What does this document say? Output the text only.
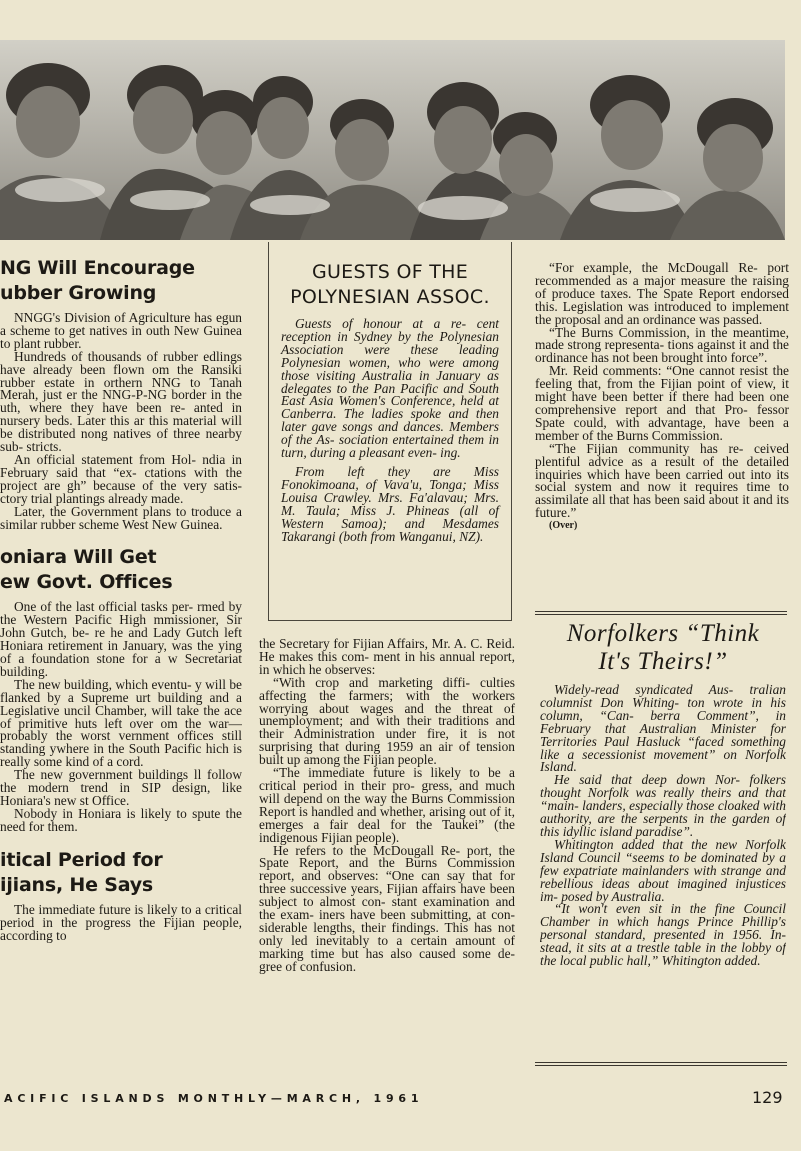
NG Will Encourage
ubber Growing

NNGG's Division of Agriculture has egun a scheme to get natives in outh New Guinea to plant rubber.

Hundreds of thousands of rubber edlings have already been flown om the Ransiki rubber estate in orthern NNG to Tanah Merah, just er the NNG-P-NG border in the uth, where they have been re- anted in nursery beds. Later this ar this material will be distributed nong natives of three nearby sub- stricts.

An official statement from Hol- ndia in February said that “ex- ctations with the project are gh” because of the very satis- ctory trial plantings already made.

Later, the Government plans to troduce a similar rubber scheme West New Guinea.

oniara Will Get
ew Govt. Offices

One of the last official tasks per- rmed by the Western Pacific High mmissioner, Sir John Gutch, be- re he and Lady Gutch left Honiara retirement in January, was the ying of a foundation stone for a w Secretariat building.

The new building, which eventu- y will be flanked by a Supreme urt building and a Legislative uncil Chamber, will take the ace of primitive huts left over om the war—probably the worst vernment offices still standing ywhere in the South Pacific hich is really some kind of a cord.

The new government buildings ll follow the modern trend in SIP design, like Honiara's new st Office.

Nobody in Honiara is likely to spute the need for them.

itical Period for
ijians, He Says

The immediate future is likely to a critical period in the progress the Fijian people, according to

GUESTS OF THE
POLYNESIAN ASSOC.

Guests of honour at a re- cent reception in Sydney by the Polynesian Association were these leading Polynesian women, who were among those visiting Australia in January as delegates to the Pan Pacific and South East Asia Women's Conference, held at Canberra. The ladies spoke and then later gave songs and dances. Members of the As- sociation entertained them in turn, during a pleasant even- ing.

From left they are Miss Fonokimoana, of Vava'u, Tonga; Miss Louisa Crawley. Mrs. Fa'alavau; Mrs. M. Taula; Miss J. Phineas (all of Western Samoa); and Mesdames Takarangi (both from Wanganui, NZ).

the Secretary for Fijian Affairs, Mr. A. C. Reid. He makes this com- ment in his annual report, in which he observes:

“With crop and marketing diffi- culties affecting the farmers; with the workers worrying about wages and the threat of unemployment; and with their traditions and their Administration under fire, it is not surprising that during 1959 an air of tension built up among the Fijian people.

“The immediate future is likely to be a critical period in their pro- gress, and much will depend on the way the Burns Commission Report is handled and whether, arising out of it, emerges a fair deal for the Taukei” (the indigenous Fijian people).

He refers to the McDougall Re- port, the Spate Report, and the Burns Commission report, and observes: “One can say that for three successive years, Fijian affairs have been subject to almost con- stant examination and the exam- iners have been submitting, at con- siderable lengths, their findings. This has not only led inevitably to a certain amount of marking time but has also caused some de- gree of confusion.

“For example, the McDougall Re- port recommended as a major measure the raising of produce taxes. The Spate Report endorsed this. Legislation was introduced to implement the proposal and an ordinance was passed.

“The Burns Commission, in the meantime, made strong representa- tions against it and the ordinance has not been brought into force”.

Mr. Reid comments: “One cannot resist the feeling that, from the Fijian point of view, it might have been better if there had been one comprehensive report and that Pro- fessor Spate could, with advantage, have been a member of the Burns Commission.

“The Fijian community has re- ceived plentiful advice as a result of the detailed inquiries which have been carried out into its social system and now it requires time to assimilate all that has been said about it and its future.”

(Over)

Norfolkers “Think
It's Theirs!”

Widely-read syndicated Aus- tralian columnist Don Whiting- ton wrote in his column, “Can- berra Comment”, in February that Australian Minister for Territories Paul Hasluck “faced something like a secessionist movement” on Norfolk Island.

He said that deep down Nor- folkers thought Norfolk was really theirs and that “main- landers, especially those cloaked with authority, are the serpents in the garden of this idyllic island paradise”.

Whitington added that the new Norfolk Island Council “seems to be dominated by a few expatriate mainlanders with strange and rebellious ideas about imagined injustices im- posed by Australia.

“It won't even sit in the fine Council Chamber in which hangs Prince Phillip's personal standard, presented in 1956. In- stead, it sits at a trestle table in the lobby of the local public hall,” Whitington added.

ACIFIC ISLANDS MONTHLY—MARCH, 1961	129
